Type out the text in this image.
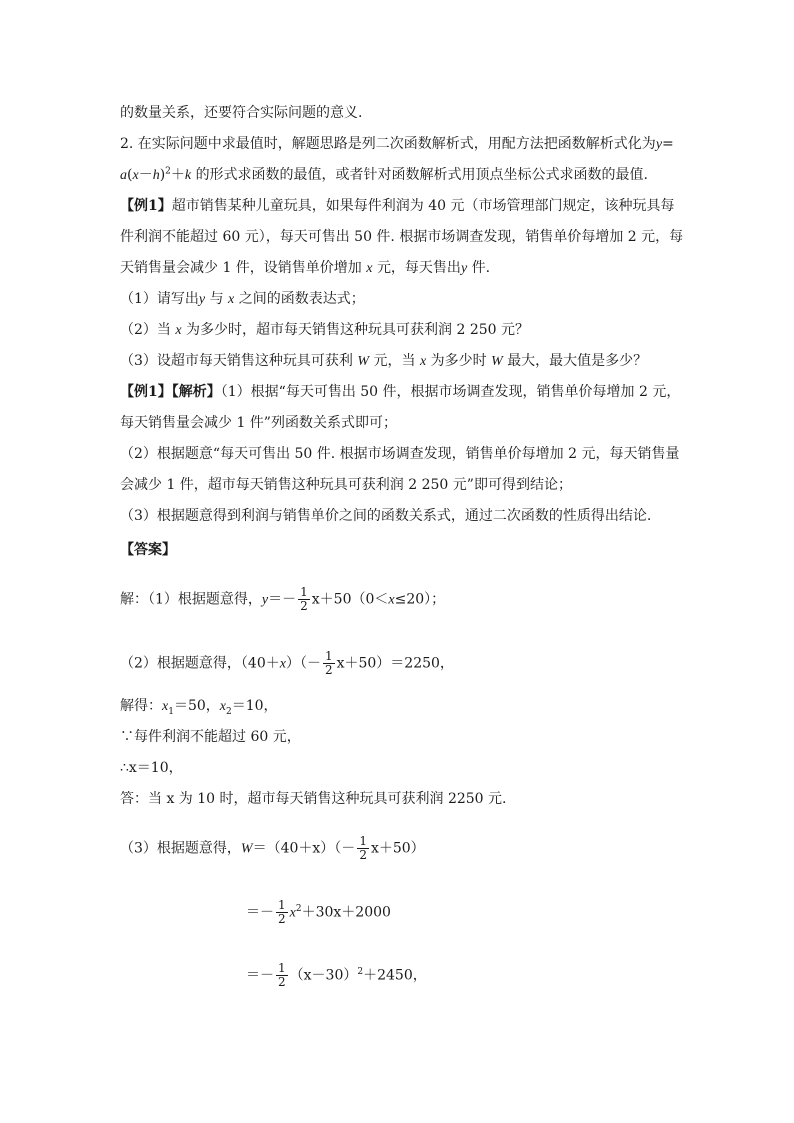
的数量关系，还要符合实际问题的意义.
2. 在实际问题中求最值时，解题思路是列二次函数解析式，用配方法把函数解析式化为y=
$a(x-h)^2+k$ 的形式求函数的最值，或者针对函数解析式用顶点坐标公式求函数的最值.
【例1】超市销售某种儿童玩具，如果每件利润为 40 元（市场管理部门规定，该种玩具每
件利润不能超过 60 元），每天可售出 50 件. 根据市场调查发现，销售单价每增加 2 元，每
天销售量会减少 1 件，设销售单价增加 x 元，每天售出y 件.
（1）请写出y 与 x 之间的函数表达式；
（2）当 x 为多少时，超市每天销售这种玩具可获利润 2 250 元？
（3）设超市每天销售这种玩具可获利 W 元，当 x 为多少时 W 最大，最大值是多少？
【例1】【解析】（1）根据“每天可售出 50 件，根据市场调查发现，销售单价每增加 2 元，
每天销售量会减少 1 件”列函数关系式即可；
（2）根据题意“每天可售出 50 件. 根据市场调查发现，销售单价每增加 2 元，每天销售量
会减少 1 件，超市每天销售这种玩具可获利润 2 250 元”即可得到结论；
（3）根据题意得到利润与销售单价之间的函数关系式，通过二次函数的性质得出结论.
【答案】
解：（1）根据题意得，$y=- \frac{1}{2} x+50(0<x\le 20)$；
（2）根据题意得，$(40+x)(- \frac{1}{2} x+50)=2250$，
解得：$x_1=50$，$x_2=10$，
∵每件利润不能超过 60 元，
∴x＝10，
答：当 x 为 10 时，超市每天销售这种玩具可获利润 2250 元.
（3）根据题意得，$W=(40+x)(- \frac{1}{2} x+50)$
＝－ $\frac{1}{2} x^2+30x+2000$
＝－ $\frac{1}{2} (x-30)^2+2450$，
